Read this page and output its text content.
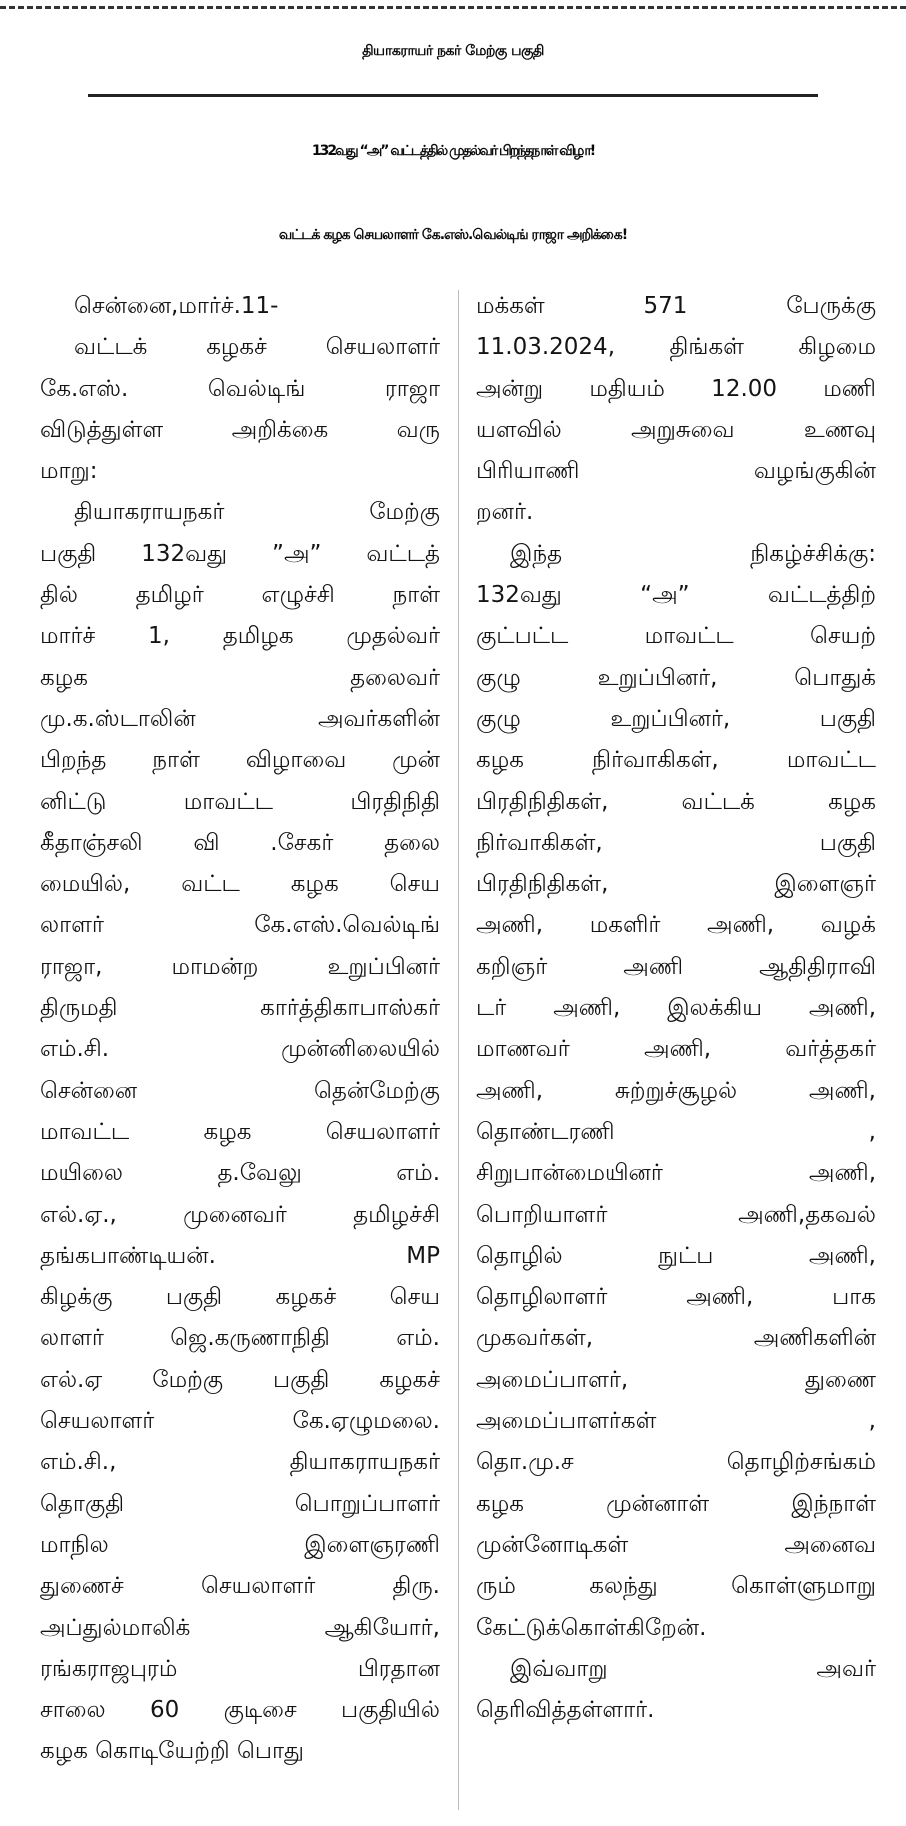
தியாகராயர் நகர் மேற்கு பகுதி
132வது “அ” வட்டத்தில் முதல்வர் பிறந்தநாள் விழா!
வட்டக் கழக செயலாளர் கே.எஸ்.வெல்டிங் ராஜா அறிக்கை!
சென்னை,மார்ச்.11-
வட்டக் கழகச் செயலாளர்
கே.எஸ். வெல்டிங் ராஜா
விடுத்துள்ள அறிக்கை வரு
மாறு:
தியாகராயநகர் மேற்கு
பகுதி 132வது ”அ” வட்டத்
தில் தமிழர் எழுச்சி நாள்
மார்ச் 1, தமிழக முதல்வர்
கழக தலைவர்
மு.க.ஸ்டாலின் அவர்களின்
பிறந்த நாள் விழாவை முன்
னிட்டு மாவட்ட பிரதிநிதி
கீதாஞ்சலி வி .சேகர் தலை
மையில், வட்ட கழக செய
லாளர் கே.எஸ்.வெல்டிங்
ராஜா, மாமன்ற உறுப்பினர்
திருமதி கார்த்திகாபாஸ்கர்
எம்.சி. முன்னிலையில்
சென்னை தென்மேற்கு
மாவட்ட கழக செயலாளர்
மயிலை த.வேலு எம்.
எல்.ஏ., முனைவர் தமிழச்சி
தங்கபாண்டியன். MP
கிழக்கு பகுதி கழகச் செய
லாளர் ஜெ.கருணாநிதி எம்.
எல்.ஏ மேற்கு பகுதி கழகச்
செயலாளர் கே.ஏழுமலை.
எம்.சி., தியாகராயநகர்
தொகுதி பொறுப்பாளர்
மாநில இளைஞரணி
துணைச் செயலாளர் திரு.
அப்துல்மாலிக் ஆகியோர்,
ரங்கராஜபுரம் பிரதான
சாலை 60 குடிசை பகுதியில்
கழக கொடியேற்றி பொது
மக்கள் 571 பேருக்கு
11.03.2024, திங்கள் கிழமை
அன்று மதியம் 12.00 மணி
யளவில் அறுசுவை உணவு
பிரியாணி வழங்குகின்
றனர்.
இந்த நிகழ்ச்சிக்கு:
132வது “அ” வட்டத்திற்
குட்பட்ட மாவட்ட செயற்
குழு உறுப்பினர், பொதுக்
குழு உறுப்பினர், பகுதி
கழக நிர்வாகிகள், மாவட்ட
பிரதிநிதிகள், வட்டக் கழக
நிர்வாகிகள், பகுதி
பிரதிநிதிகள், இளைஞர்
அணி, மகளிர் அணி, வழக்
கறிஞர் அணி ஆதிதிராவி
டர் அணி, இலக்கிய அணி,
மாணவர் அணி, வர்த்தகர்
அணி, சுற்றுச்சூழல் அணி,
தொண்டரணி ,
சிறுபான்மையினர் அணி,
பொறியாளர் அணி,தகவல்
தொழில் நுட்ப அணி,
தொழிலாளர் அணி, பாக
முகவர்கள், அணிகளின்
அமைப்பாளர், துணை
அமைப்பாளர்கள் ,
தொ.மு.ச தொழிற்சங்கம்
கழக முன்னாள் இந்நாள்
முன்னோடிகள் அனைவ
ரும் கலந்து கொள்ளுமாறு
கேட்டுக்கொள்கிறேன்.
இவ்வாறு அவர்
தெரிவித்தள்ளார்.
